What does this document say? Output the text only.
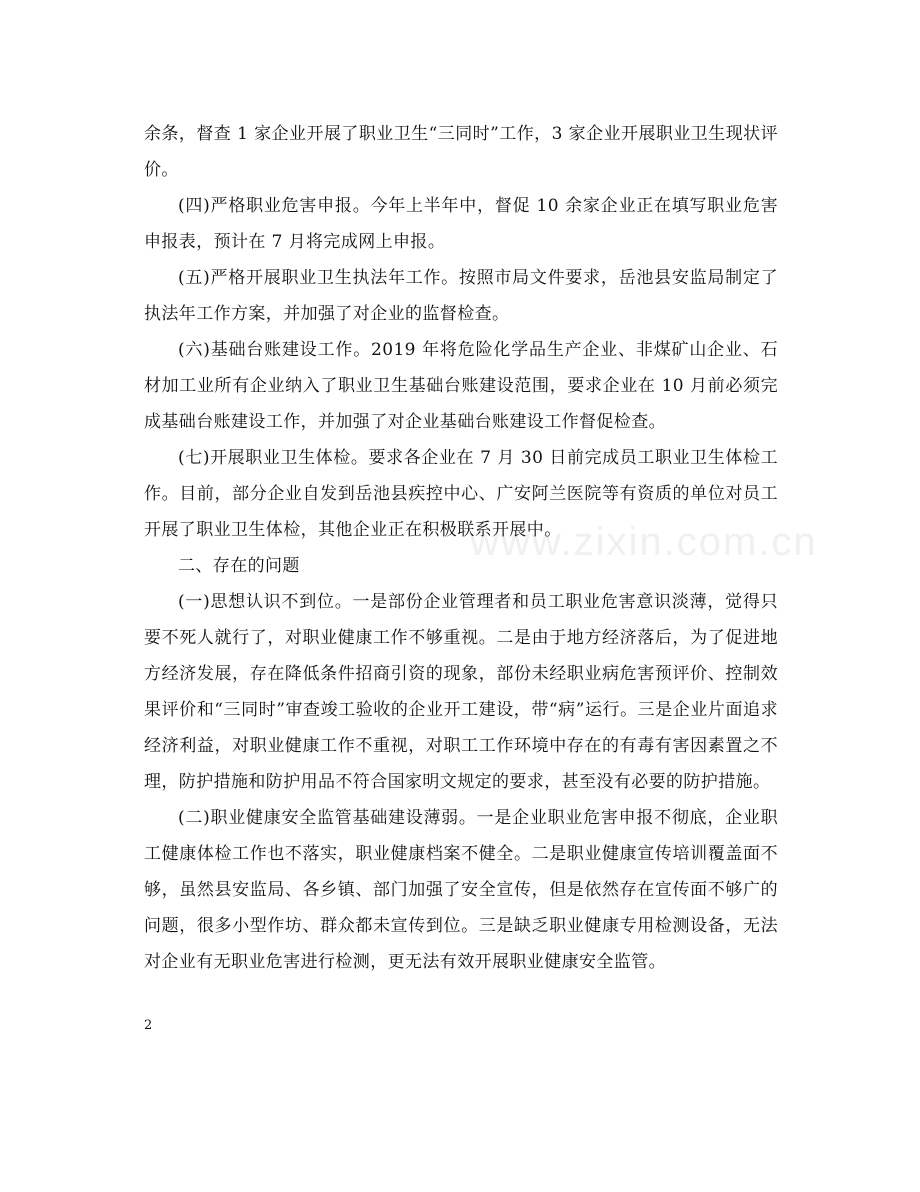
www.zixin.com.cn

余条，督查 1 家企业开展了职业卫生“三同时”工作，3 家企业开展职业卫生现状评价。

(四)严格职业危害申报。今年上半年中，督促 10 余家企业正在填写职业危害申报表，预计在 7 月将完成网上申报。

(五)严格开展职业卫生执法年工作。按照市局文件要求，岳池县安监局制定了执法年工作方案，并加强了对企业的监督检查。

(六)基础台账建设工作。2019 年将危险化学品生产企业、非煤矿山企业、石材加工业所有企业纳入了职业卫生基础台账建设范围，要求企业在 10 月前必须完成基础台账建设工作，并加强了对企业基础台账建设工作督促检查。

(七)开展职业卫生体检。要求各企业在 7 月 30 日前完成员工职业卫生体检工作。目前，部分企业自发到岳池县疾控中心、广安阿兰医院等有资质的单位对员工开展了职业卫生体检，其他企业正在积极联系开展中。

二、存在的问题

(一)思想认识不到位。一是部份企业管理者和员工职业危害意识淡薄，觉得只要不死人就行了，对职业健康工作不够重视。二是由于地方经济落后，为了促进地方经济发展，存在降低条件招商引资的现象，部份未经职业病危害预评价、控制效果评价和“三同时”审查竣工验收的企业开工建设，带“病”运行。三是企业片面追求经济利益，对职业健康工作不重视，对职工工作环境中存在的有毒有害因素置之不理，防护措施和防护用品不符合国家明文规定的要求，甚至没有必要的防护措施。

(二)职业健康安全监管基础建设薄弱。一是企业职业危害申报不彻底，企业职工健康体检工作也不落实，职业健康档案不健全。二是职业健康宣传培训覆盖面不够，虽然县安监局、各乡镇、部门加强了安全宣传，但是依然存在宣传面不够广的问题，很多小型作坊、群众都未宣传到位。三是缺乏职业健康专用检测设备，无法对企业有无职业危害进行检测，更无法有效开展职业健康安全监管。

2
